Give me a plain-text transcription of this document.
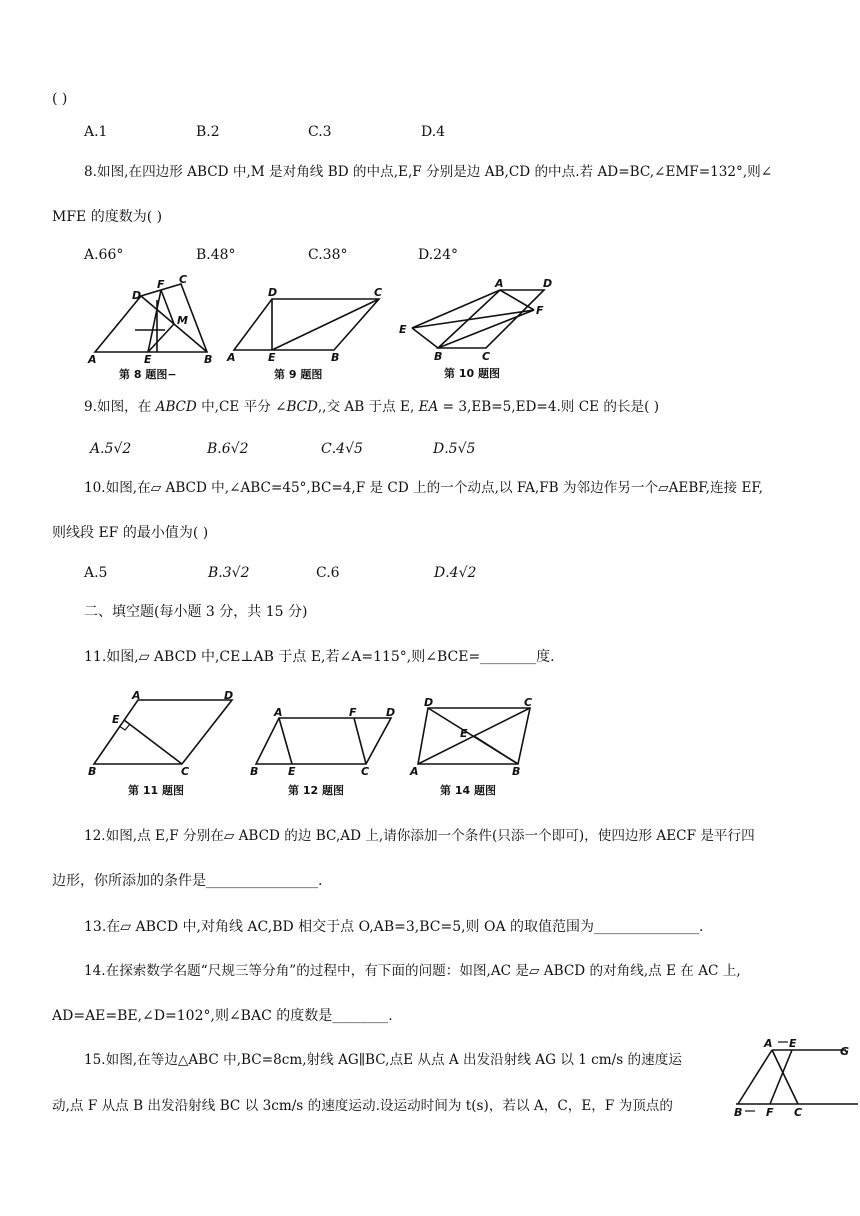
( )
A.1	B.2	C.3	D.4
8.如图,在四边形 ABCD 中,M 是对角线 BD 的中点,E,F 分别是边 AB,CD 的中点.若 AD=BC,∠EMF=132°,则∠
MFE 的度数为( )
A.66°	B.48°	C.38°	D.24°
A	B
C
D
E
F
M
第 8 题图−
A	B
C
D
E
第 9 题图
A
B	C
D
E
F
第 10 题图
9.如图，在 𝐴𝐵𝐶𝐷 中,CE 平分 ∠𝐵𝐶𝐷,,交 AB 于点 E, 𝐸𝐴 = 3,EB=5,ED=4.则 CE 的长是( )
𝐴.5√2	𝐵.6√2	𝐶.4√5	𝐷.5√5
10.如图,在▱ ABCD 中,∠ABC=45°,BC=4,F 是 CD 上的一个动点,以 FA,FB 为邻边作另一个▱AEBF,连接 EF,
则线段 EF 的最小值为( )
A.5	𝐵.3√2	C.6	𝐷.4√2
二、填空题(每小题 3 分，共 15 分)
11.如图,▱ ABCD 中,CE⊥AB 于点 E,若∠A=115°,则∠BCE=________度.
A
B	C
D
E
第 11 题图
A
B	C
D
E
F
第 12 题图
A	B
C
D
E
第 14 题图
12.如图,点 E,F 分别在▱ ABCD 的边 BC,AD 上,请你添加一个条件(只添一个即可)，使四边形 AECF 是平行四
边形，你所添加的条件是________________.
13.在▱ ABCD 中,对角线 AC,BD 相交于点 O,AB=3,BC=5,则 OA 的取值范围为_______________.
14.在探索数学名题“尺规三等分角”的过程中，有下面的问题：如图,AC 是▱ ABCD 的对角线,点 E 在 AC 上,
AD=AE=BE,∠D=102°,则∠BAC 的度数是________.
15.如图,在等边△ABC 中,BC=8cm,射线 AG∥BC,点E 从点 A 出发沿射线 AG 以 1 cm/s 的速度运
动,点 F 从点 B 出发沿射线 BC 以 3cm/s 的速度运动.设运动时间为 t(s)，若以 A，C，E，F 为顶点的
A E
G
B F C
